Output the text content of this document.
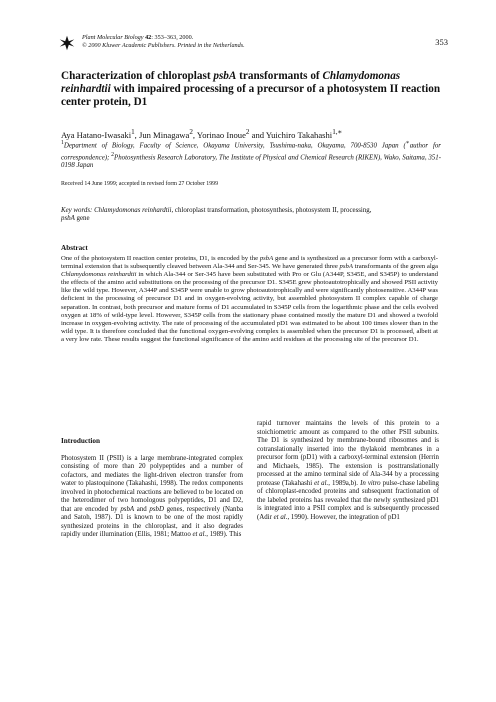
Plant Molecular Biology 42: 353–363, 2000.
© 2000 Kluwer Academic Publishers. Printed in the Netherlands.	353
Characterization of chloroplast psbA transformants of Chlamydomonas reinhardtii with impaired processing of a precursor of a photosystem II reaction center protein, D1
Aya Hatano-Iwasaki$^1$, Jun Minagawa$^2$, Yorinao Inoue$^2$ and Yuichiro Takahashi$^{1,∗}$
$^1$Department of Biology, Faculty of Science, Okayama University, Tsushima-naka, Okayama, 700-8530 Japan (∗author for correspondence); $^2$Photosynthesis Research Laboratory, The Institute of Physical and Chemical Research (RIKEN), Wako, Saitama, 351-0198 Japan
Received 14 June 1999; accepted in revised form 27 October 1999
Key words: Chlamydomonas reinhardtii, chloroplast transformation, photosynthesis, photosystem II, processing,
psbA gene
Abstract

One of the photosystem II reaction center proteins, D1, is encoded by the psbA gene and is synthesized as a precursor form with a carboxyl-terminal extension that is subsequently cleaved between Ala-344 and Ser-345. We have generated three psbA transformants of the green alga Chlamydomonas reinhardtii in which Ala-344 or Ser-345 have been substituted with Pro or Glu (A344P, S345E, and S345P) to understand the effects of the amino acid substitutions on the processing of the precursor D1. S345E grew photoautotrophically and showed PSII activity like the wild type. However, A344P and S345P were unable to grow photoautotrophically and were significantly photosensitive. A344P was deficient in the processing of precursor D1 and in oxygen-evolving activity, but assembled photosystem II complex capable of charge separation. In contrast, both precursor and mature forms of D1 accumulated in S345P cells from the logarithmic phase and the cells evolved oxygen at 18% of wild-type level. However, S345P cells from the stationary phase contained mostly the mature D1 and showed a twofold increase in oxygen-evolving activity. The rate of processing of the accumulated pD1 was estimated to be about 100 times slower than in the wild type. It is therefore concluded that the functional oxygen-evolving complex is assembled when the precursor D1 is processed, albeit at a very low rate. These results suggest the functional significance of the amino acid residues at the processing site of the precursor D1.

Introduction

Photosystem II (PSII) is a large membrane-integrated complex consisting of more than 20 polypeptides and a number of cofactors, and mediates the light-driven electron transfer from water to plastoquinone (Takahashi, 1998). The redox components involved in photochemical reactions are believed to be located on the heterodimer of two homologous polypeptides, D1 and D2, that are encoded by psbA and psbD genes, respectively (Nanba and Satoh, 1987). D1 is known to be one of the most rapidly synthesized proteins in the chloroplast, and it also degrades rapidly under illumination (Ellis, 1981; Mattoo et al., 1989). This

rapid turnover maintains the levels of this protein to a stoichiometric amount as compared to the other PSII subunits. The D1 is synthesized by membrane-bound ribosomes and is cotranslationally inserted into the thylakoid membranes in a precursor form (pD1) with a carboxyl-terminal extension (Herrin and Michaels, 1985). The extension is posttranslationally processed at the amino terminal side of Ala-344 by a processing protease (Takahashi et al., 1989a,b). In vitro pulse-chase labeling of chloroplast-encoded proteins and subsequent fractionation of the labeled proteins has revealed that the newly synthesized pD1 is integrated into a PSII complex and is subsequently processed (Adir et al., 1990). However, the integration of pD1
